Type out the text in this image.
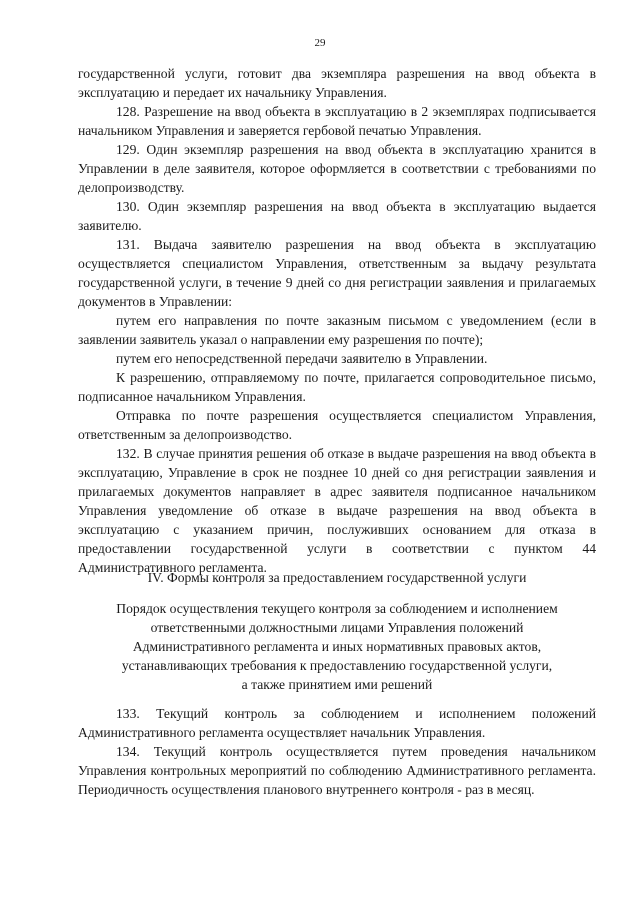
29

государственной услуги, готовит два экземпляра разрешения на ввод объекта в эксплуатацию и передает их начальнику Управления.

128. Разрешение на ввод объекта в эксплуатацию в 2 экземплярах подписывается начальником Управления и заверяется гербовой печатью Управления.

129. Один экземпляр разрешения на ввод объекта в эксплуатацию хранится в Управлении в деле заявителя, которое оформляется в соответствии с требованиями по делопроизводству.

130. Один экземпляр разрешения на ввод объекта в эксплуатацию выдается заявителю.

131. Выдача заявителю разрешения на ввод объекта в эксплуатацию осуществляется специалистом Управления, ответственным за выдачу результата государственной услуги, в течение 9 дней со дня регистрации заявления и прилагаемых документов в Управлении:

путем его направления по почте заказным письмом с уведомлением (если в заявлении заявитель указал о направлении ему разрешения по почте);

путем его непосредственной передачи заявителю в Управлении.

К разрешению, отправляемому по почте, прилагается сопроводительное письмо, подписанное начальником Управления.

Отправка по почте разрешения осуществляется специалистом Управления, ответственным за делопроизводство.

132. В случае принятия решения об отказе в выдаче разрешения на ввод объекта в эксплуатацию, Управление в срок не позднее 10 дней со дня регистрации заявления и прилагаемых документов направляет в адрес заявителя подписанное начальником Управления уведомление об отказе в выдаче разрешения на ввод объекта в эксплуатацию с указанием причин, послуживших основанием для отказа в предоставлении государственной услуги в соответствии с пунктом 44 Административного регламента.

IV. Формы контроля за предоставлением государственной услуги
Порядок осуществления текущего контроля за соблюдением и исполнением
ответственными должностными лицами Управления положений
Административного регламента и иных нормативных правовых актов,
устанавливающих требования к предоставлению государственной услуги,
а также принятием ими решений

133. Текущий контроль за соблюдением и исполнением положений Административного регламента осуществляет начальник Управления.

134. Текущий контроль осуществляется путем проведения начальником Управления контрольных мероприятий по соблюдению Административного регламента. Периодичность осуществления планового внутреннего контроля - раз в месяц.
